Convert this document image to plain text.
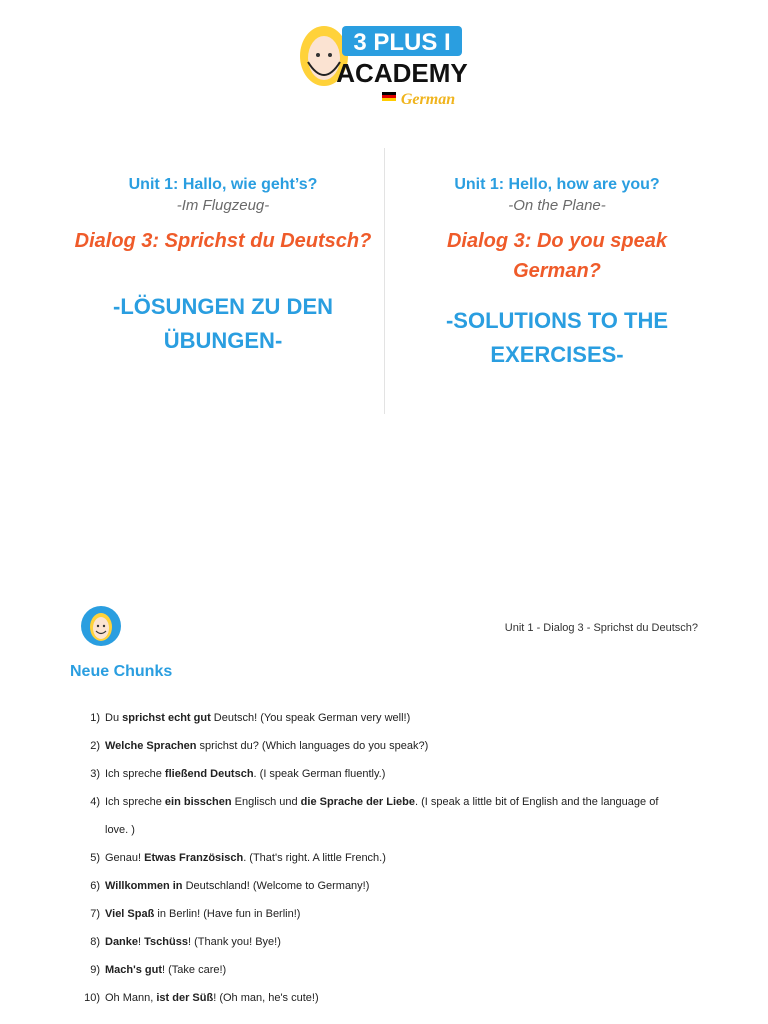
3 PLUS I
ACADEMY
German
Unit 1: Hallo, wie geht’s?
-Im Flugzeug-
Dialog 3: Sprichst du Deutsch?
-LÖSUNGEN ZU DEN
ÜBUNGEN-
Unit 1: Hello, how are you?
-On the Plane-
Dialog 3: Do you speak
German?
-SOLUTIONS TO THE
EXERCISES-
Unit 1 - Dialog 3 - Sprichst du Deutsch?
Neue Chunks
1) Du sprichst echt gut Deutsch! (You speak German very well!)
2) Welche Sprachen sprichst du? (Which languages do you speak?)
3) Ich spreche fließend Deutsch. (I speak German fluently.)
4) Ich spreche ein bisschen Englisch und die Sprache der Liebe. (I speak a little bit of English and the language of
love. )
5) Genau! Etwas Französisch. (That's right. A little French.)
6) Willkommen in Deutschland! (Welcome to Germany!)
7) Viel Spaß in Berlin! (Have fun in Berlin!)
8) Danke! Tschüss! (Thank you! Bye!)
9) Mach's gut! (Take care!)
10) Oh Mann, ist der Süß! (Oh man, he's cute!)
